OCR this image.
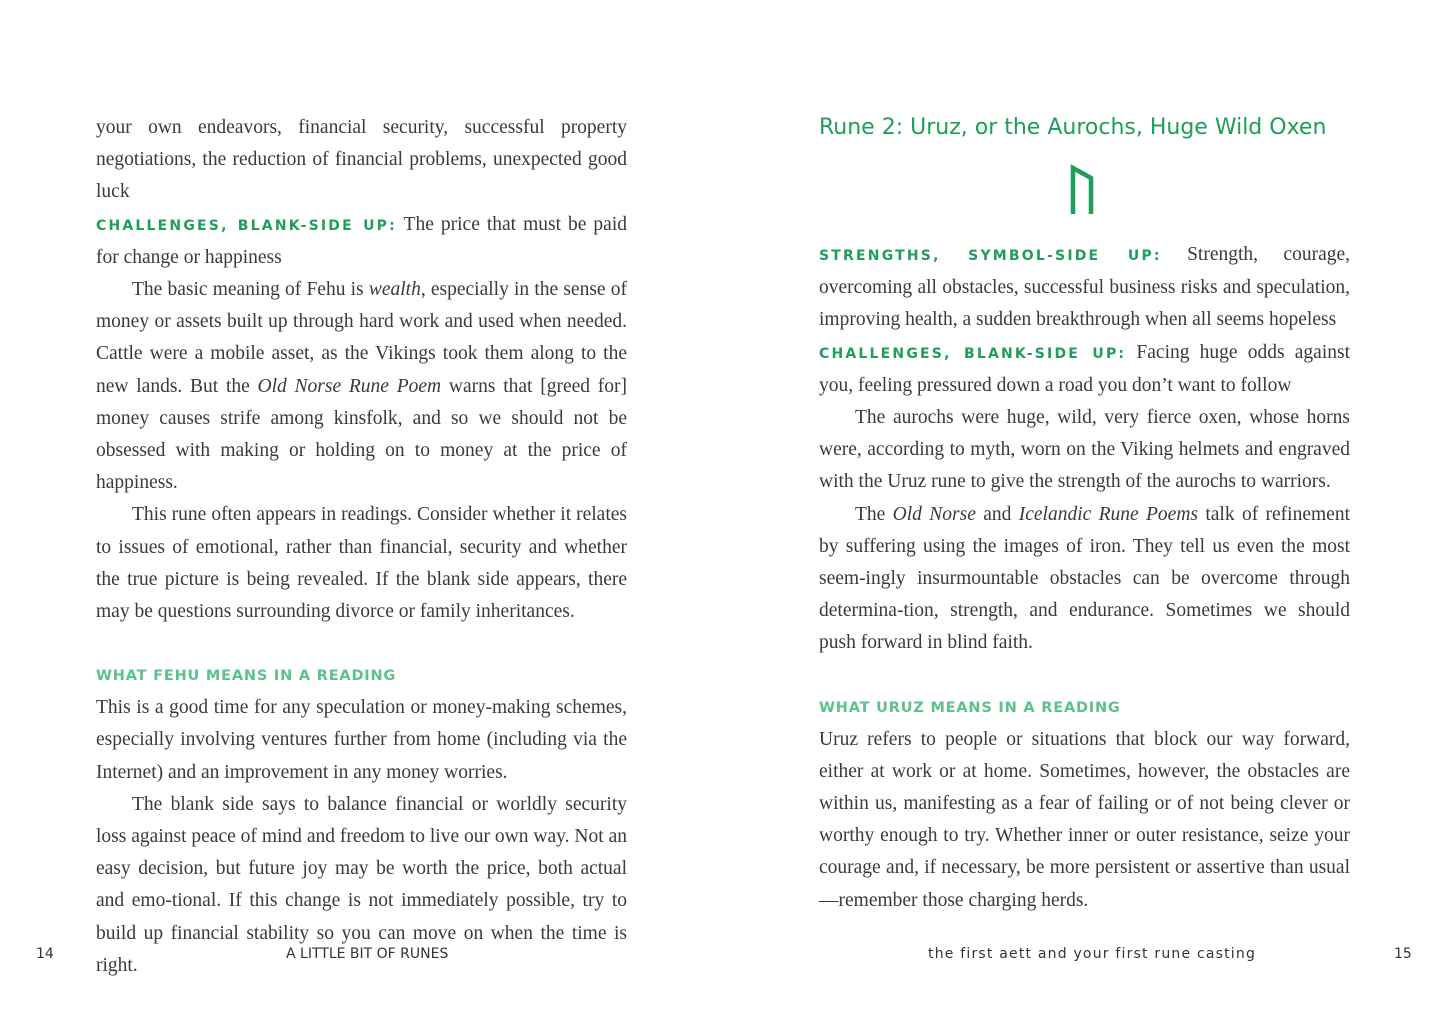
your own endeavors, financial security, successful property negotiations, the reduction of financial problems, unexpected good luck

CHALLENGES, BLANK-SIDE UP: The price that must be paid for change or happiness

The basic meaning of Fehu is wealth, especially in the sense of money or assets built up through hard work and used when needed. Cattle were a mobile asset, as the Vikings took them along to the new lands. But the Old Norse Rune Poem warns that [greed for] money causes strife among kinsfolk, and so we should not be obsessed with making or holding on to money at the price of happiness.

This rune often appears in readings. Consider whether it relates to issues of emotional, rather than financial, security and whether the true picture is being revealed. If the blank side appears, there may be questions surrounding divorce or family inheritances.

WHAT FEHU MEANS IN A READING

This is a good time for any speculation or money-making schemes, especially involving ventures further from home (including via the Internet) and an improvement in any money worries.

The blank side says to balance financial or worldly security loss against peace of mind and freedom to live our own way. Not an easy decision, but future joy may be worth the price, both actual and emo-tional. If this change is not immediately possible, try to build up financial stability so you can move on when the time is right.

14	A LITTLE BIT OF RUNES

Rune 2: Uruz, or the Aurochs, Huge Wild Oxen

STRENGTHS, SYMBOL-SIDE UP: Strength, courage, overcoming all obstacles, successful business risks and speculation, improving health, a sudden breakthrough when all seems hopeless

CHALLENGES, BLANK-SIDE UP: Facing huge odds against you, feeling pressured down a road you don’t want to follow

The aurochs were huge, wild, very fierce oxen, whose horns were, according to myth, worn on the Viking helmets and engraved with the Uruz rune to give the strength of the aurochs to warriors.

The Old Norse and Icelandic Rune Poems talk of refinement by suffering using the images of iron. They tell us even the most seem-ingly insurmountable obstacles can be overcome through determina-tion, strength, and endurance. Sometimes we should push forward in blind faith.

WHAT URUZ MEANS IN A READING

Uruz refers to people or situations that block our way forward, either at work or at home. Sometimes, however, the obstacles are within us, manifesting as a fear of failing or of not being clever or worthy enough to try. Whether inner or outer resistance, seize your courage and, if necessary, be more persistent or assertive than usual—remember those charging herds.

the first aett and your first rune casting	15
